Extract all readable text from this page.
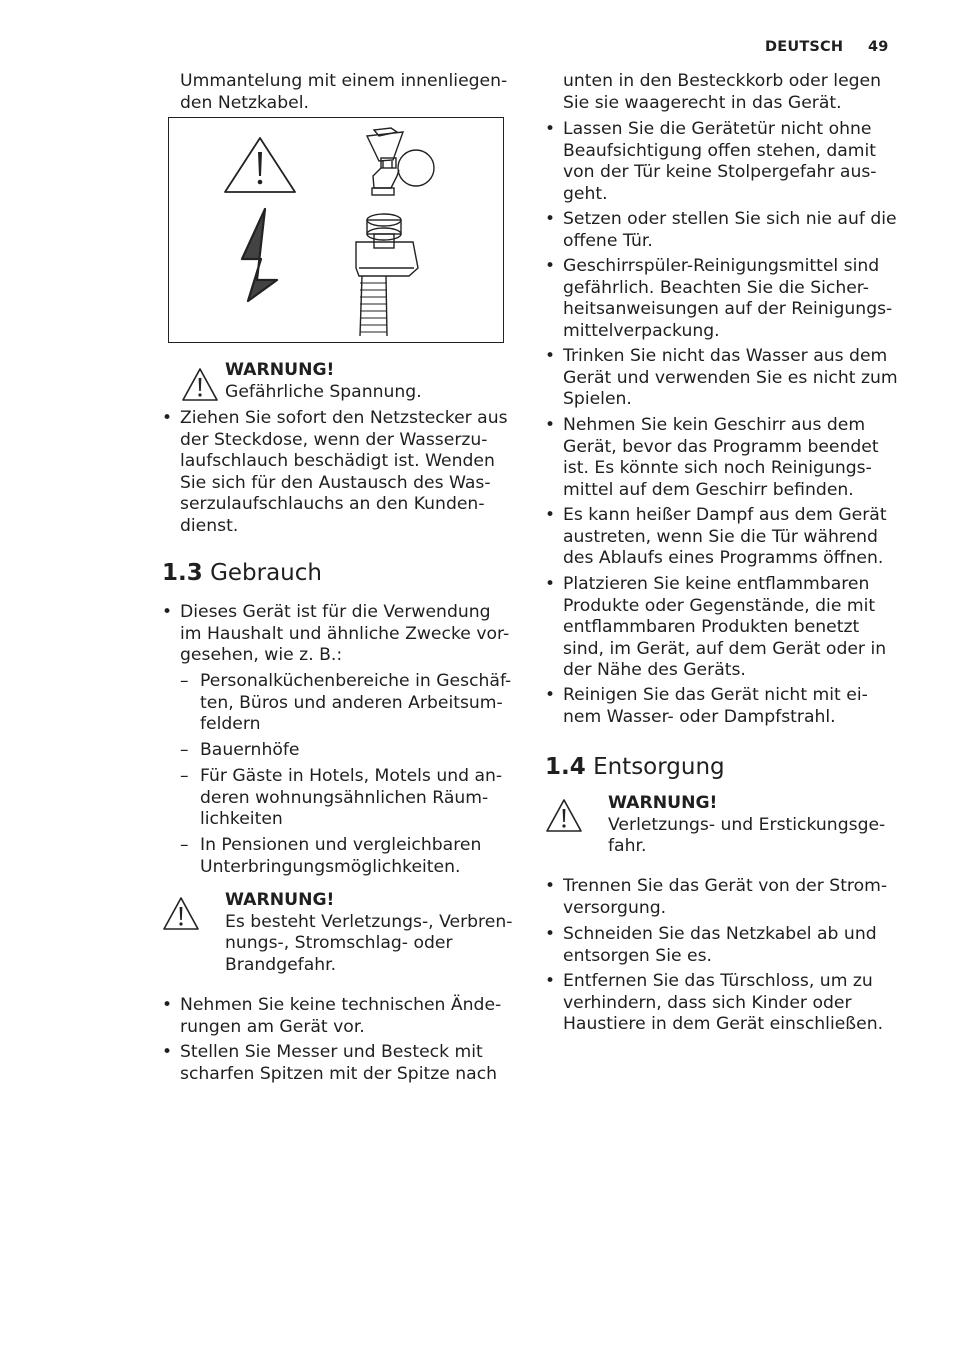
DEUTSCH 49
Ummantelung mit einem innenliegen-
den Netzkabel.
WARNUNG!
Gefährliche Spannung.
• Ziehen Sie sofort den Netzstecker aus
der Steckdose, wenn der Wasserzu-
laufschlauch beschädigt ist. Wenden
Sie sich für den Austausch des Was-
serzulaufschlauchs an den Kunden-
dienst.
1.3 Gebrauch
• Dieses Gerät ist für die Verwendung
im Haushalt und ähnliche Zwecke vor-
gesehen, wie z. B.:
– Personalküchenbereiche in Geschäf-
ten, Büros und anderen Arbeitsum-
feldern
– Bauernhöfe
– Für Gäste in Hotels, Motels und an-
deren wohnungsähnlichen Räum-
lichkeiten
– In Pensionen und vergleichbaren
Unterbringungsmöglichkeiten.
WARNUNG!
Es besteht Verletzungs-, Verbren-
nungs-, Stromschlag- oder
Brandgefahr.
• Nehmen Sie keine technischen Ände-
rungen am Gerät vor.
• Stellen Sie Messer und Besteck mit
scharfen Spitzen mit der Spitze nach
unten in den Besteckkorb oder legen
Sie sie waagerecht in das Gerät.
• Lassen Sie die Gerätetür nicht ohne
Beaufsichtigung offen stehen, damit
von der Tür keine Stolpergefahr aus-
geht.
• Setzen oder stellen Sie sich nie auf die
offene Tür.
• Geschirrspüler-Reinigungsmittel sind
gefährlich. Beachten Sie die Sicher-
heitsanweisungen auf der Reinigungs-
mittelverpackung.
• Trinken Sie nicht das Wasser aus dem
Gerät und verwenden Sie es nicht zum
Spielen.
• Nehmen Sie kein Geschirr aus dem
Gerät, bevor das Programm beendet
ist. Es könnte sich noch Reinigungs-
mittel auf dem Geschirr befinden.
• Es kann heißer Dampf aus dem Gerät
austreten, wenn Sie die Tür während
des Ablaufs eines Programms öffnen.
• Platzieren Sie keine entflammbaren
Produkte oder Gegenstände, die mit
entflammbaren Produkten benetzt
sind, im Gerät, auf dem Gerät oder in
der Nähe des Geräts.
• Reinigen Sie das Gerät nicht mit ei-
nem Wasser- oder Dampfstrahl.
1.4 Entsorgung
WARNUNG!
Verletzungs- und Erstickungsge-
fahr.
• Trennen Sie das Gerät von der Strom-
versorgung.
• Schneiden Sie das Netzkabel ab und
entsorgen Sie es.
• Entfernen Sie das Türschloss, um zu
verhindern, dass sich Kinder oder
Haustiere in dem Gerät einschließen.
